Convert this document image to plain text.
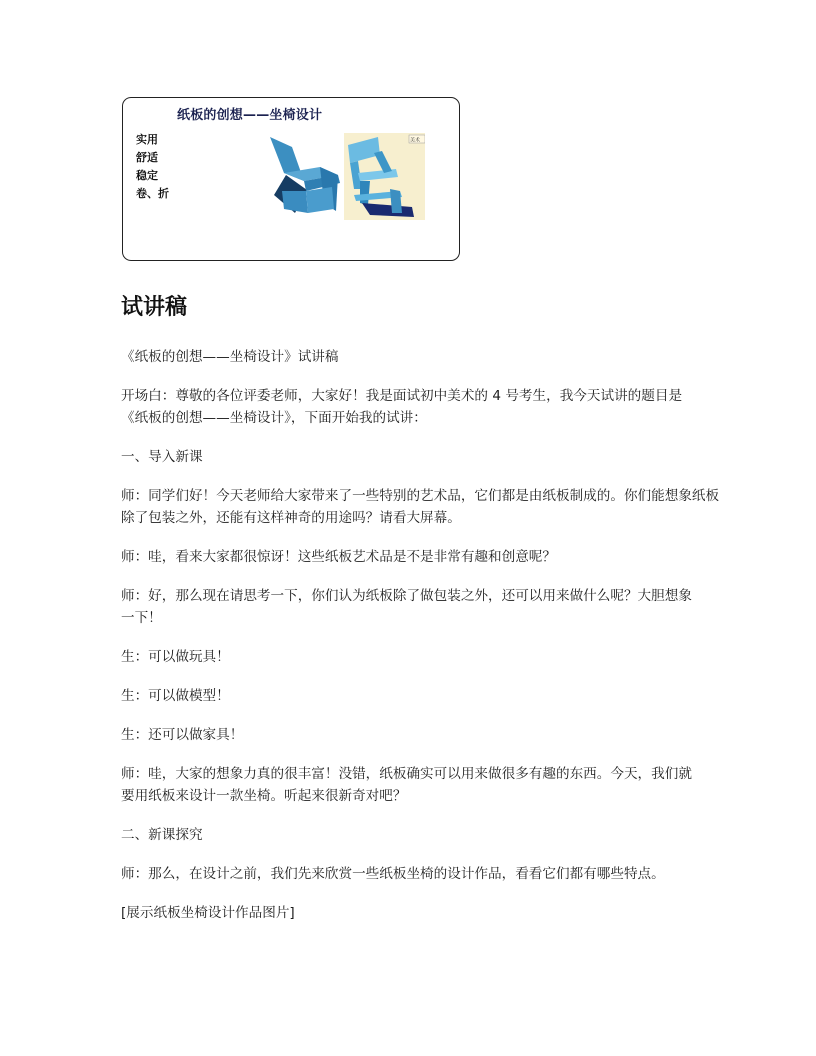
纸板的创想——坐椅设计
实用
舒适
稳定
卷、折
美术
试讲稿

《纸板的创想——坐椅设计》试讲稿

开场白：尊敬的各位评委老师，大家好！我是面试初中美术的 4 号考生，我今天试讲的题目是《纸板的创想——坐椅设计》，下面开始我的试讲：

一、导入新课

师：同学们好！今天老师给大家带来了一些特别的艺术品，它们都是由纸板制成的。你们能想象纸板除了包装之外，还能有这样神奇的用途吗？请看大屏幕。

师：哇，看来大家都很惊讶！这些纸板艺术品是不是非常有趣和创意呢？

师：好，那么现在请思考一下，你们认为纸板除了做包装之外，还可以用来做什么呢？大胆想象一下！

生：可以做玩具！

生：可以做模型！

生：还可以做家具！

师：哇，大家的想象力真的很丰富！没错，纸板确实可以用来做很多有趣的东西。今天，我们就要用纸板来设计一款坐椅。听起来很新奇对吧？

二、新课探究

师：那么，在设计之前，我们先来欣赏一些纸板坐椅的设计作品，看看它们都有哪些特点。

[展示纸板坐椅设计作品图片]
